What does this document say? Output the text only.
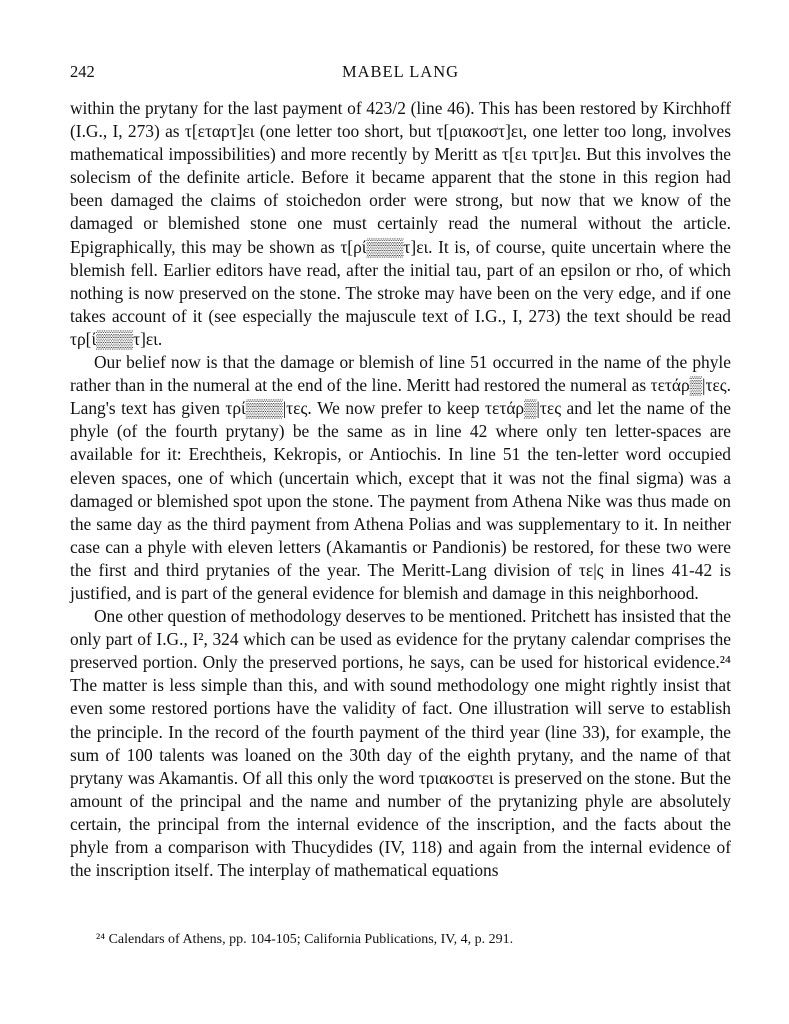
242	MABEL LANG

within the prytany for the last payment of 423/2 (line 46). This has been restored by Kirchhoff (I.G., I, 273) as τ[εταρτ]ει (one letter too short, but τ[ριακοστ]ει, one letter too long, involves mathematical impossibilities) and more recently by Meritt as τ[ει τριτ]ει. But this involves the solecism of the definite article. Before it became apparent that the stone in this region had been damaged the claims of stoichedon order were strong, but now that we know of the damaged or blemished stone one must certainly read the numeral without the article. Epigraphically, this may be shown as τ[ρί▒▒▒τ]ει. It is, of course, quite uncertain where the blemish fell. Earlier editors have read, after the initial tau, part of an epsilon or rho, of which nothing is now preserved on the stone. The stroke may have been on the very edge, and if one takes account of it (see especially the majuscule text of I.G., I, 273) the text should be read τρ[ί▒▒▒τ]ει.

Our belief now is that the damage or blemish of line 51 occurred in the name of the phyle rather than in the numeral at the end of the line. Meritt had restored the numeral as τετάρ▒|τες. Lang's text has given τρί▒▒▒|τες. We now prefer to keep τετάρ▒|τες and let the name of the phyle (of the fourth prytany) be the same as in line 42 where only ten letter-spaces are available for it: Erechtheis, Kekropis, or Antiochis. In line 51 the ten-letter word occupied eleven spaces, one of which (uncertain which, except that it was not the final sigma) was a damaged or blemished spot upon the stone. The payment from Athena Nike was thus made on the same day as the third payment from Athena Polias and was supplementary to it. In neither case can a phyle with eleven letters (Akamantis or Pandionis) be restored, for these two were the first and third prytanies of the year. The Meritt-Lang division of τε|ς in lines 41-42 is justified, and is part of the general evidence for blemish and damage in this neighborhood.

One other question of methodology deserves to be mentioned. Pritchett has insisted that the only part of I.G., I², 324 which can be used as evidence for the prytany calendar comprises the preserved portion. Only the preserved portions, he says, can be used for historical evidence.²⁴ The matter is less simple than this, and with sound methodology one might rightly insist that even some restored portions have the validity of fact. One illustration will serve to establish the principle. In the record of the fourth payment of the third year (line 33), for example, the sum of 100 talents was loaned on the 30th day of the eighth prytany, and the name of that prytany was Akamantis. Of all this only the word τριακοστει is preserved on the stone. But the amount of the principal and the name and number of the prytanizing phyle are absolutely certain, the principal from the internal evidence of the inscription, and the facts about the phyle from a comparison with Thucydides (IV, 118) and again from the internal evidence of the inscription itself. The interplay of mathematical equations

²⁴ Calendars of Athens, pp. 104-105; California Publications, IV, 4, p. 291.
